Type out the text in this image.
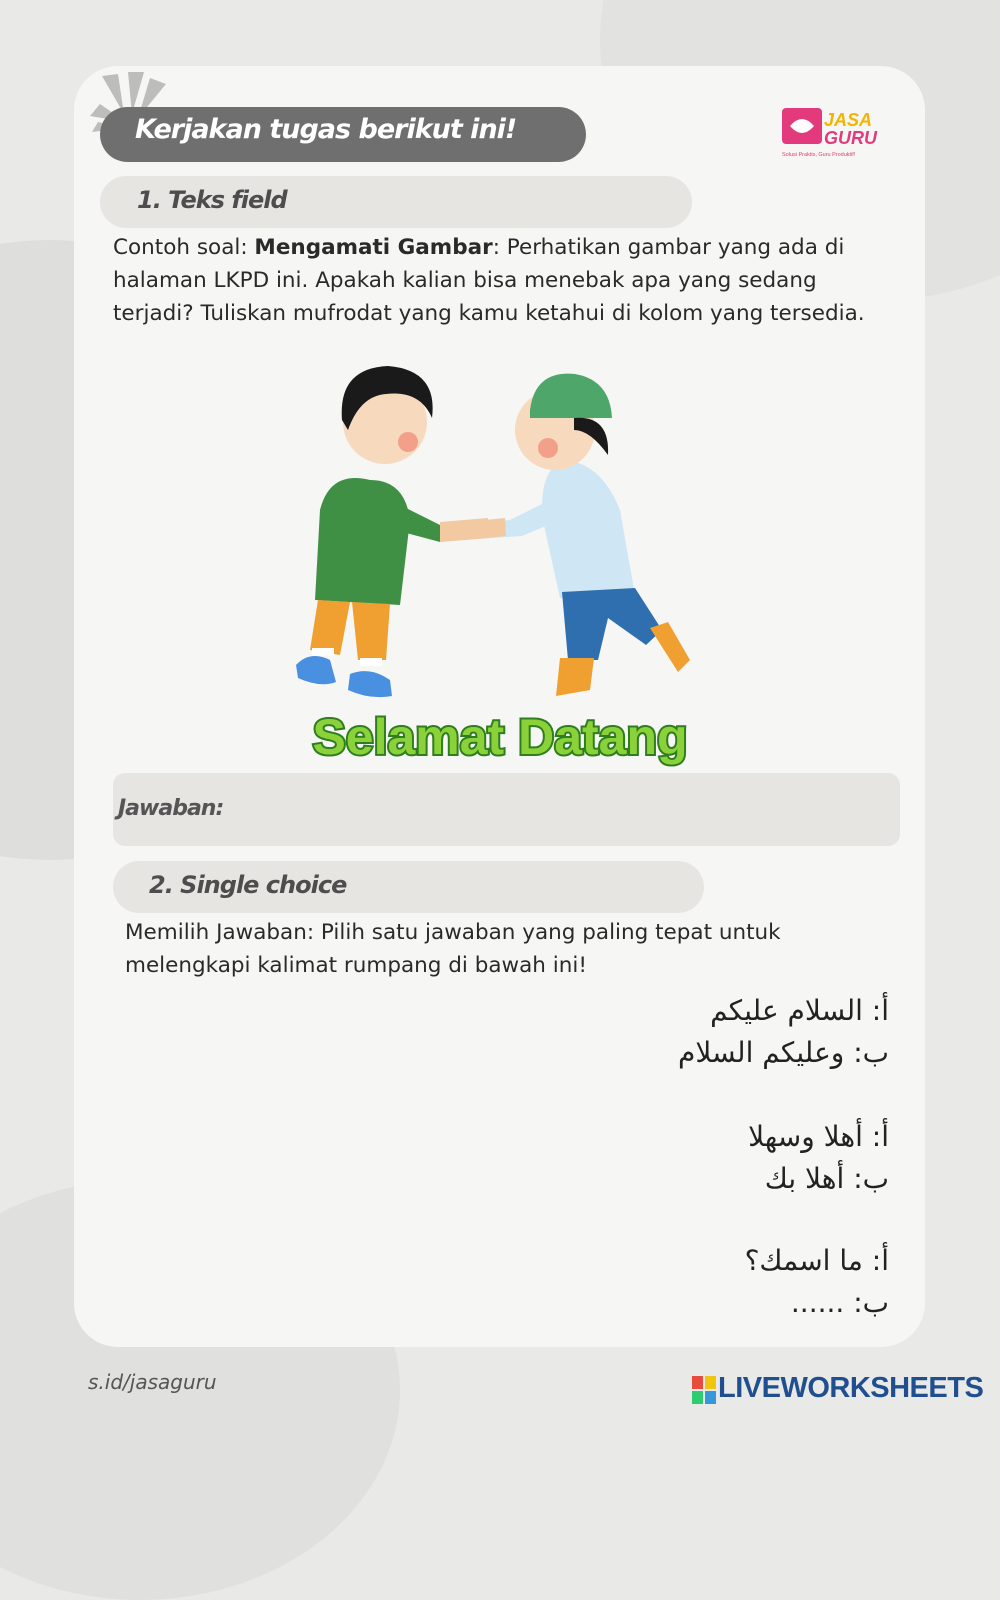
Kerjakan tugas berikut ini!	JASA
GURU
Solusi Praktis, Guru Produktif!
1. Teks field
Contoh soal: Mengamati Gambar: Perhatikan gambar yang ada di halaman LKPD ini. Apakah kalian bisa menebak apa yang sedang terjadi? Tuliskan mufrodat yang kamu ketahui di kolom yang tersedia.
Selamat Datang
Jawaban:
2. Single choice
Memilih Jawaban: Pilih satu jawaban yang paling tepat untuk melengkapi kalimat rumpang di bawah ini!
أ: السلام عليكم
ب: وعليكم السلام
أ: أهلا وسهلا
ب: أهلا بك
أ: ما اسمك؟
ب: ......
s.id/jasaguru	LIVEWORKSHEETS
